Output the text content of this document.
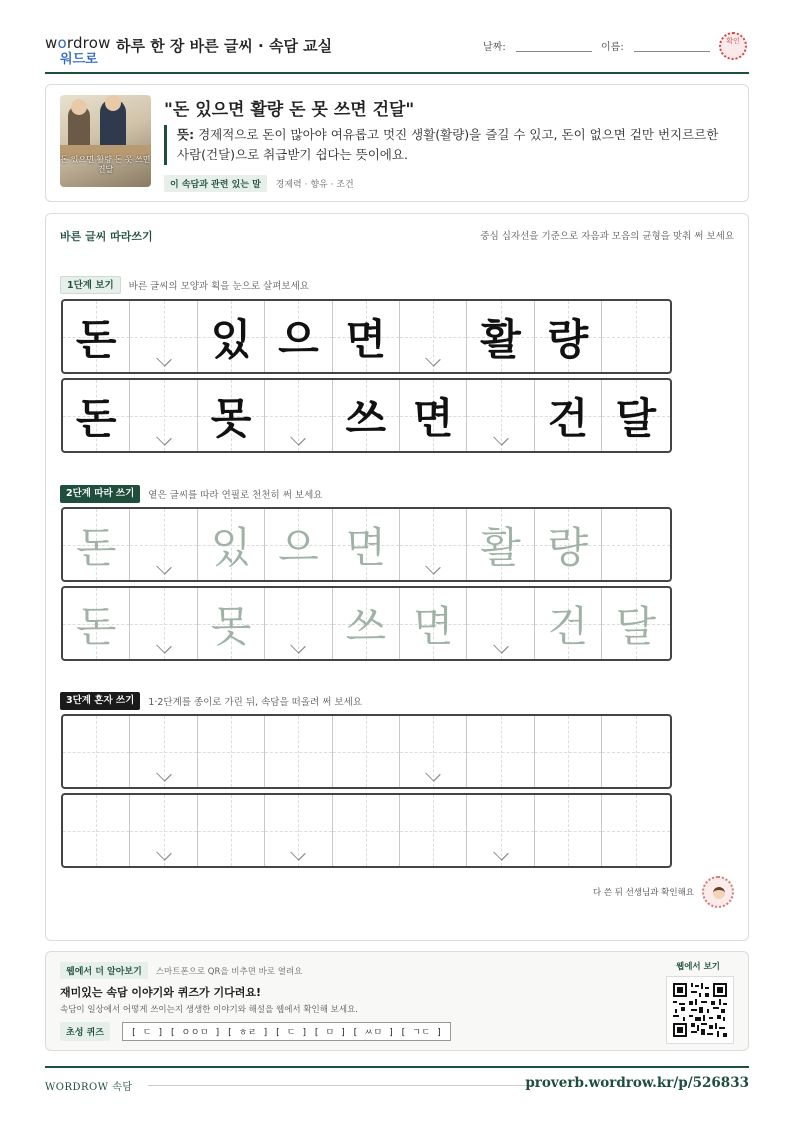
wordrow
워드로
하루 한 장 바른 글씨 · 속담 교실	날짜:	이름:
확인
돈 있으면 활량 돈 못 쓰면 건달
"돈 있으면 활량 돈 못 쓰면 건달"
뜻: 경제적으로 돈이 많아야 여유롭고 멋진 생활(활량)을 즐길 수 있고, 돈이 없으면 겉만 번지르르한 사람(건달)으로 취급받기 쉽다는 뜻이에요.
이 속담과 관련 있는 말 경제력 · 향유 · 조건
바른 글씨 따라쓰기	중심 십자선을 기준으로 자음과 모음의 균형을 맞춰 써 보세요
1단계 보기	바른 글씨의 모양과 획을 눈으로 살펴보세요
돈	있 으 면	활 량
돈	못	쓰 면	건 달
2단계 따라 쓰기	옅은 글씨를 따라 연필로 천천히 써 보세요
돈	있 으 면	활 량
돈	못	쓰 면	건 달
3단계 혼자 쓰기	1·2단계를 종이로 가린 뒤, 속담을 떠올려 써 보세요
다 쓴 뒤 선생님과 확인해요
웹에서 더 알아보기	스마트폰으로 QR을 비추면 바로 열려요
재미있는 속담 이야기와 퀴즈가 기다려요!
속담이 일상에서 어떻게 쓰이는지 생생한 이야기와 해설을 웹에서 확인해 보세요.
초성 퀴즈	[ ㄷ ] [ ㅇㅇㅁ ] [ ㅎㄹ ] [ ㄷ ] [ ㅁ ] [ ㅆㅁ ] [ ㄱㄷ ]
웹에서 보기
WORDROW 속담	proverb.wordrow.kr/p/526833
